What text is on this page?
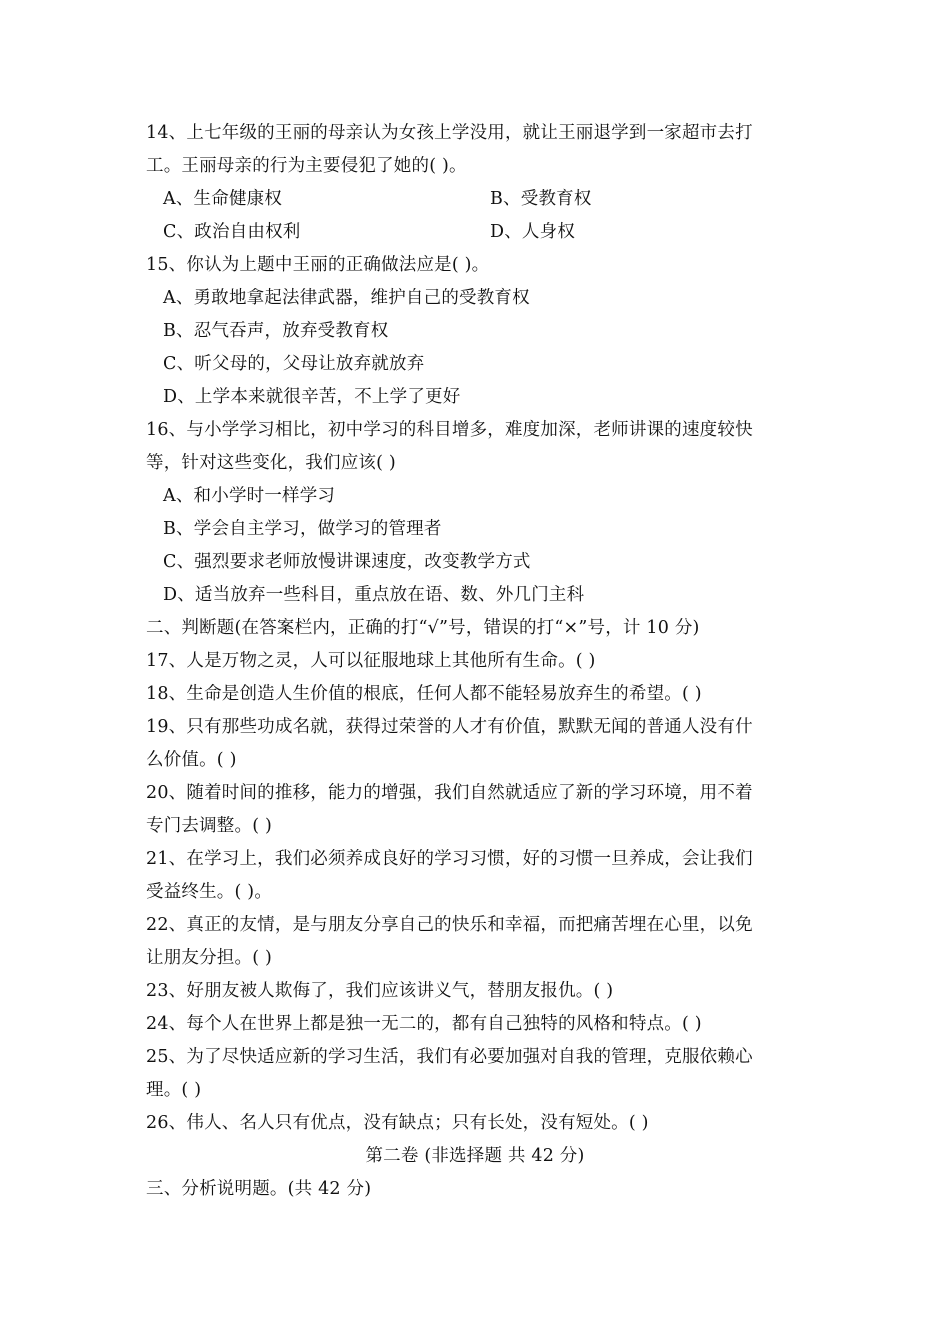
14、上七年级的王丽的母亲认为女孩上学没用，就让王丽退学到一家超市去打
工。王丽母亲的行为主要侵犯了她的( )。
A、生命健康权	B、受教育权
C、政治自由权利	D、人身权
15、你认为上题中王丽的正确做法应是( )。
A、勇敢地拿起法律武器，维护自己的受教育权
B、忍气吞声，放弃受教育权
C、听父母的，父母让放弃就放弃
D、上学本来就很辛苦，不上学了更好
16、与小学学习相比，初中学习的科目增多，难度加深，老师讲课的速度较快
等，针对这些变化，我们应该( )
A、和小学时一样学习
B、学会自主学习，做学习的管理者
C、强烈要求老师放慢讲课速度，改变教学方式
D、适当放弃一些科目，重点放在语、数、外几门主科
二、判断题(在答案栏内，正确的打“√”号，错误的打“×”号，计 10 分)
17、人是万物之灵，人可以征服地球上其他所有生命。( )
18、生命是创造人生价值的根底，任何人都不能轻易放弃生的希望。( )
19、只有那些功成名就，获得过荣誉的人才有价值，默默无闻的普通人没有什
么价值。( )
20、随着时间的推移，能力的增强，我们自然就适应了新的学习环境，用不着
专门去调整。( )
21、在学习上，我们必须养成良好的学习习惯，好的习惯一旦养成，会让我们
受益终生。( )。
22、真正的友情，是与朋友分享自己的快乐和幸福，而把痛苦埋在心里，以免
让朋友分担。( )
23、好朋友被人欺侮了，我们应该讲义气，替朋友报仇。( )
24、每个人在世界上都是独一无二的，都有自己独特的风格和特点。( )
25、为了尽快适应新的学习生活，我们有必要加强对自我的管理，克服依赖心
理。( )
26、伟人、名人只有优点，没有缺点；只有长处，没有短处。( )
第二卷 (非选择题 共 42 分)
三、分析说明题。(共 42 分)
